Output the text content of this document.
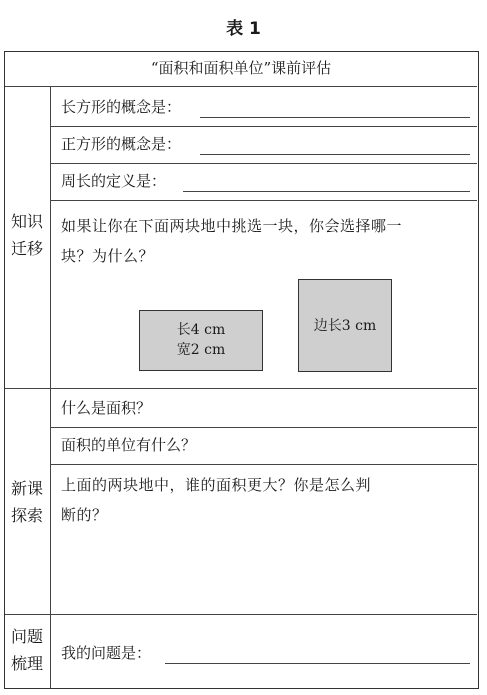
表 1
“面积和面积单位”课前评估
知识
迁移
长方形的概念是：
正方形的概念是：
周长的定义是：
如果让你在下面两块地中挑选一块，你会选择哪一
块？为什么？
长4 cm
宽2 cm
边长3 cm
新课
探索
什么是面积？
面积的单位有什么？
上面的两块地中，谁的面积更大？你是怎么判
断的？
问题
梳理
我的问题是：
